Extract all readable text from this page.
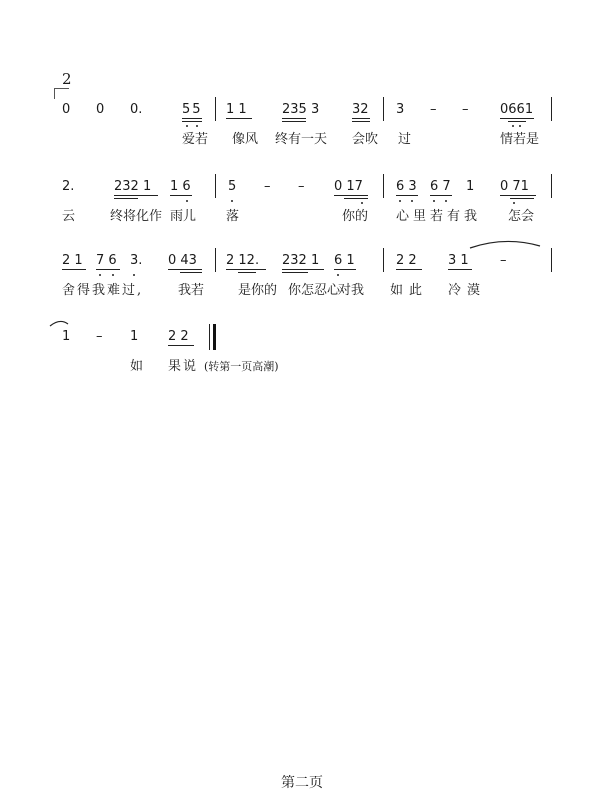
2
0 0 0.	55 1 1	235 3	32 3 – – 0661
爱若 像风 终有一天 会吹 过	情若是
2.	232 1 1 6	5 – – 0 17	6 3 6 7 1 0 71
云	终将化作 雨儿 落	你的 心里若有我 怎会
2 1 7 6 3. 0 43 2 12. 232 1 6 1	2 2 3 1 –
舍得我难过,	我若	是你的 你怎忍心
对我 如此 冷漠
1 – 1 2 2
如 果说 (转第一页高潮)
第二页
